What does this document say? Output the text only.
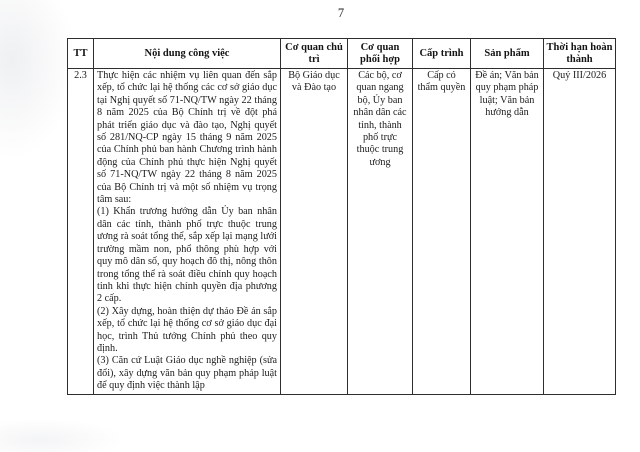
7
TT	Nội dung công việc	Cơ quan chủ trì	Cơ quan phối hợp	Cấp trình	Sản phẩm	Thời hạn hoàn thành
2.3	Thực hiện các nhiệm vụ liên quan đến sắp xếp, tổ chức lại hệ thống các cơ sở giáo dục tại Nghị quyết số 71-NQ/TW ngày 22 tháng 8 năm 2025 của Bộ Chính trị về đột phá phát triển giáo dục và đào tạo, Nghị quyết số 281/NQ-CP ngày 15 tháng 9 năm 2025 của Chính phủ ban hành Chương trình hành động của Chính phủ thực hiện Nghị quyết số 71-NQ/TW ngày 22 tháng 8 năm 2025 của Bộ Chính trị và một số nhiệm vụ trọng tâm sau:

(1) Khẩn trương hướng dẫn Ủy ban nhân dân các tỉnh, thành phố trực thuộc trung ương rà soát tổng thể, sắp xếp lại mạng lưới trường mầm non, phổ thông phù hợp với quy mô dân số, quy hoạch đô thị, nông thôn trong tổng thể rà soát điều chỉnh quy hoạch tỉnh khi thực hiện chính quyền địa phương 2 cấp.

(2) Xây dựng, hoàn thiện dự thảo Đề án sắp xếp, tổ chức lại hệ thống cơ sở giáo dục đại học, trình Thủ tướng Chính phủ theo quy định.

(3) Căn cứ Luật Giáo dục nghề nghiệp (sửa đổi), xây dựng văn bản quy phạm pháp luật để quy định việc thành lập	Bộ Giáo dục và Đào tạo	Các bộ, cơ quan ngang bộ, Ủy ban nhân dân các tỉnh, thành phố trực thuộc trung ương	Cấp có thẩm quyền	Đề án; Văn bản quy phạm pháp luật; Văn bản hướng dẫn	Quý III/2026
